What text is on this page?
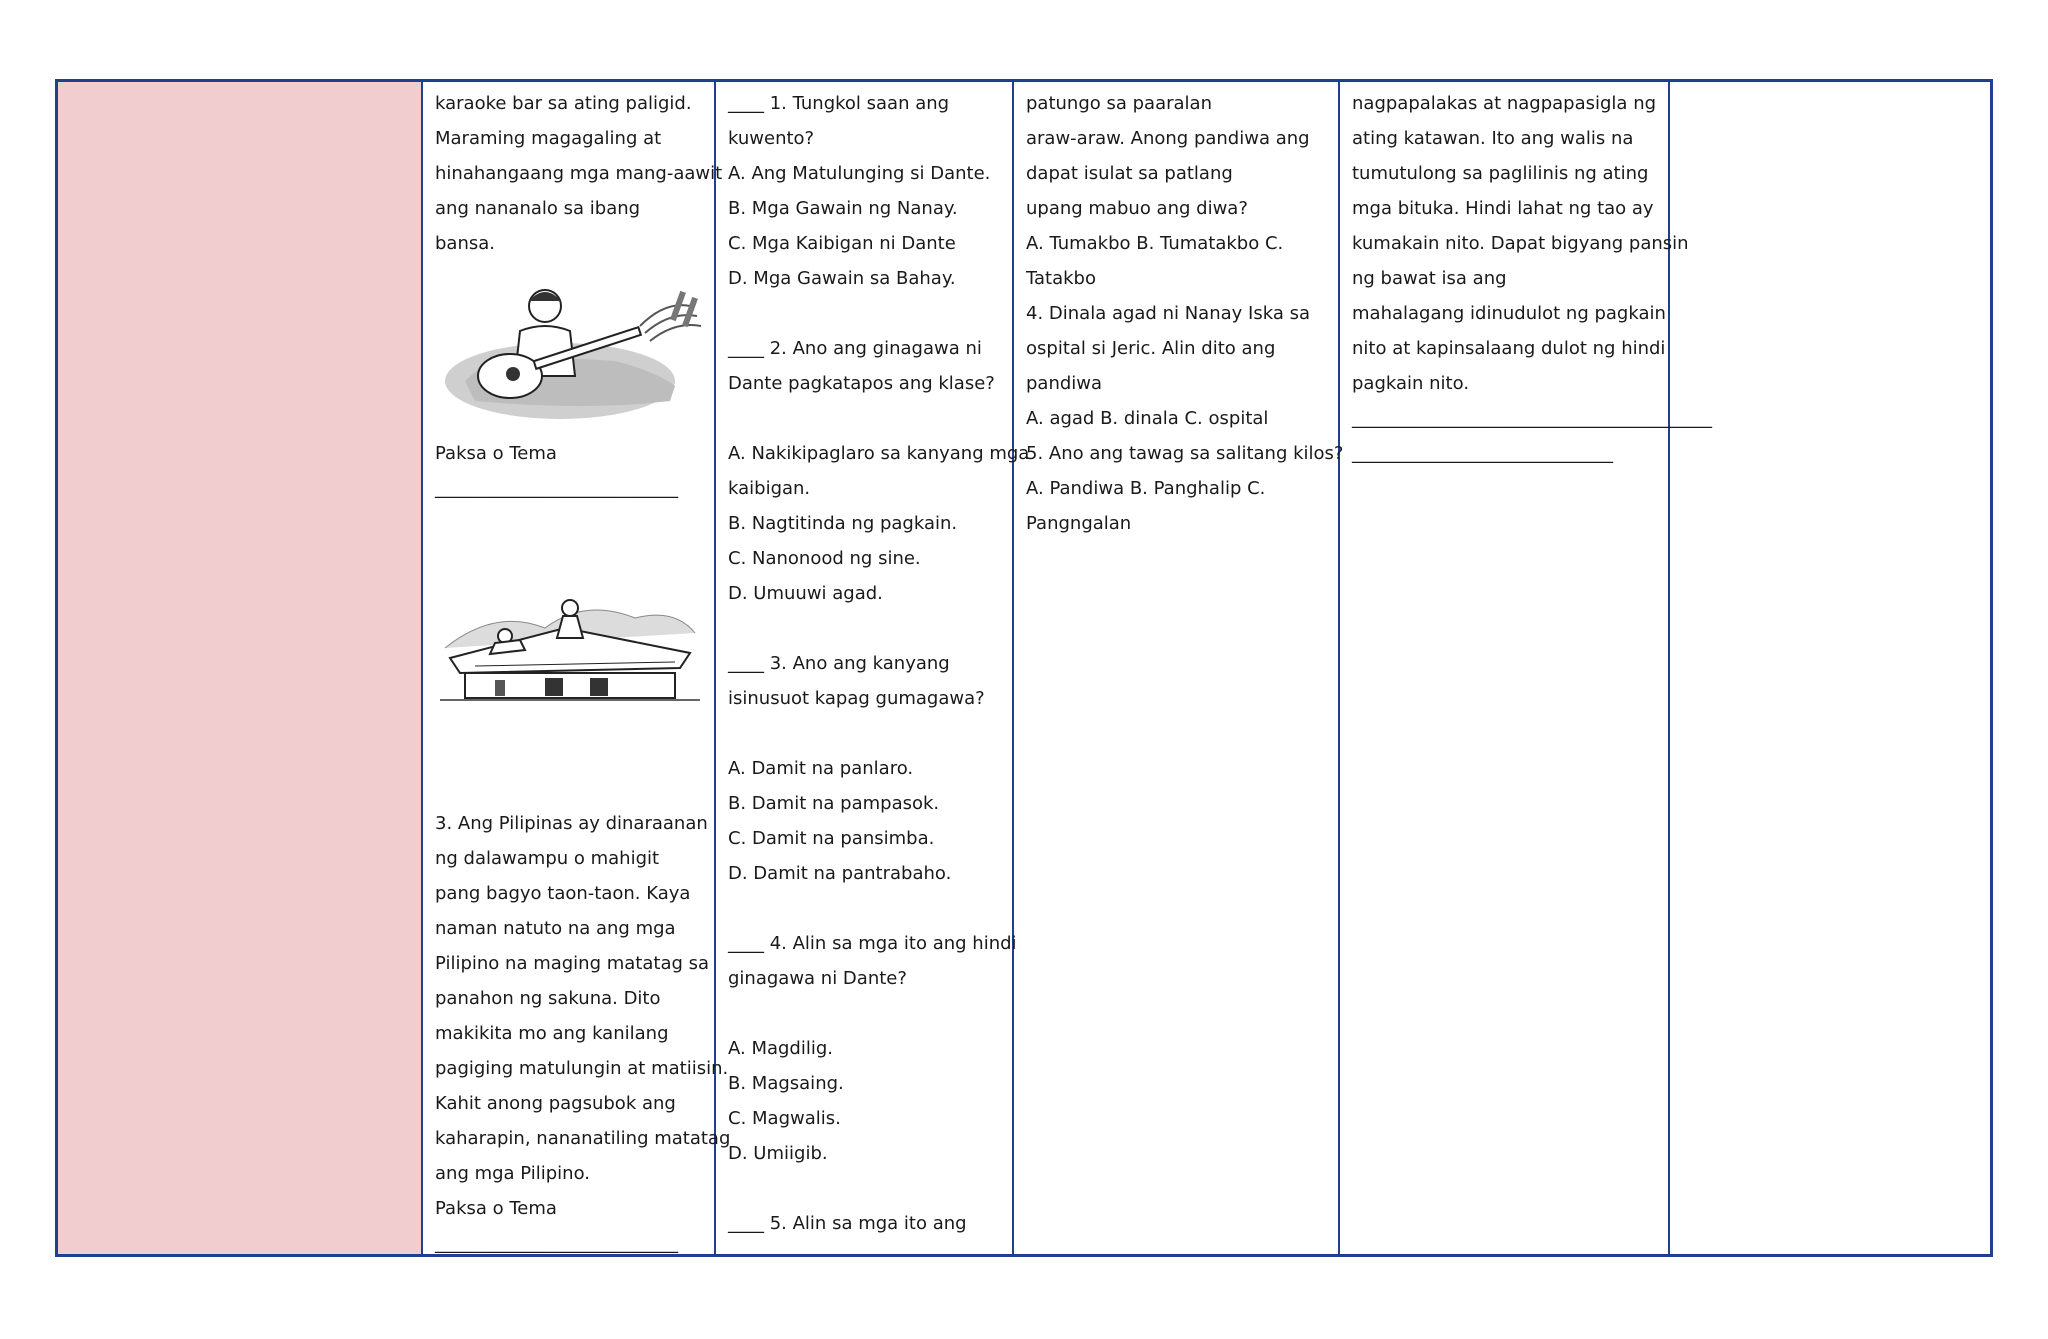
karaoke bar sa ating paligid.
Maraming magagaling at
hinahangaang mga mang-aawit
ang nananalo sa ibang
bansa.
Paksa o Tema
___________________________
3. Ang Pilipinas ay dinaraanan
ng dalawampu o mahigit
pang bagyo taon-taon. Kaya
naman natuto na ang mga
Pilipino na maging matatag sa
panahon ng sakuna. Dito
makikita mo ang kanilang
pagiging matulungin at matiisin.
Kahit anong pagsubok ang
kaharapin, nananatiling matatag
ang mga Pilipino.
Paksa o Tema
___________________________
____ 1. Tungkol saan ang
kuwento?
A. Ang Matulunging si Dante.
B. Mga Gawain ng Nanay.
C. Mga Kaibigan ni Dante
D. Mga Gawain sa Bahay.
____ 2. Ano ang ginagawa ni
Dante pagkatapos ang klase?
A. Nakikipaglaro sa kanyang mga
kaibigan.
B. Nagtitinda ng pagkain.
C. Nanonood ng sine.
D. Umuuwi agad.
____ 3. Ano ang kanyang
isinusuot kapag gumagawa?
A. Damit na panlaro.
B. Damit na pampasok.
C. Damit na pansimba.
D. Damit na pantrabaho.
____ 4. Alin sa mga ito ang hindi
ginagawa ni Dante?
A. Magdilig.
B. Magsaing.
C. Magwalis.
D. Umiigib.
____ 5. Alin sa mga ito ang
patungo sa paaralan
araw-araw. Anong pandiwa ang
dapat isulat sa patlang
upang mabuo ang diwa?
A. Tumakbo B. Tumatakbo C.
Tatakbo
4. Dinala agad ni Nanay Iska sa
ospital si Jeric. Alin dito ang
pandiwa
A. agad B. dinala C. ospital
5. Ano ang tawag sa salitang kilos?
A. Pandiwa B. Panghalip C.
Pangngalan
nagpapalakas at nagpapasigla ng
ating katawan. Ito ang walis na
tumutulong sa paglilinis ng ating
mga bituka. Hindi lahat ng tao ay
kumakain nito. Dapat bigyang pansin
ng bawat isa ang
mahalagang idinudulot ng pagkain
nito at kapinsalaang dulot ng hindi
pagkain nito.
________________________________________
_____________________________
